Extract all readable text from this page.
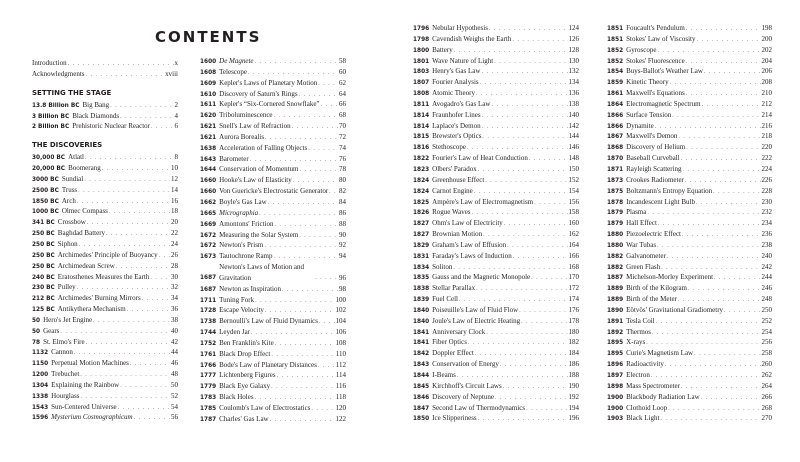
CONTENTS
Introduction . . .	x
Acknowledgments . . .	xviii
SETTING THE STAGE
13.8 Billion BC Big Bang . . .	2
3 Billion BC Black Diamonds . . .	4
2 Billion BC Prehistoric Nuclear Reactor . . .	6
THE DISCOVERIES
30,000 BC Atlatl . . .	8
20,000 BC Boomerang . . .	10
3000 BC Sundial . . .	12
2500 BC Truss . . .	14
1850 BC Arch . . .	16
1000 BC Olmec Compass . . .	18
341 BC Crossbow . . .	20
250 BC Baghdad Battery . . .	22
250 BC Siphon . . .	24
250 BC Archimedes' Principle of Buoyancy . . . 26
250 BC Archimedean Screw . . .	28
240 BC Eratosthenes Measures the Earth . . .	30
230 BC Pulley . . .	32
212 BC Archimedes' Burning Mirrors . . .	34
125 BC Antikythera Mechanism . . .	36
50 Hero's Jet Engine . . .	38
50 Gears . . .	40
78 St. Elmo's Fire . . .	42
1132 Cannon . . .	44
1150 Perpetual Motion Machines . . .	46
1200 Trebuchet . . .	48
1304 Explaining the Rainbow . . .	50
1338 Hourglass . . .	52
1543 Sun-Centered Universe . . .	54
1596 Mysterium Cosmographicum . . .	56
1600 De Magnete . . .	58
1608 Telescope . . .	60
1609 Kepler's Laws of Planetary Motion . . .	62
1610 Discovery of Saturn's Rings . . .	64
1611 Kepler's “Six-Cornered Snowflake” . . .	66
1620 Triboluminescence . . .	68
1621 Snell's Law of Refraction . . .	70
1621 Aurora Borealis . . .	72
1638 Acceleration of Falling Objects . . .	74
1643 Barometer . . .	76
1644 Conservation of Momentum . . .	78
1660 Hooke's Law of Elasticity . . .	80
1660 Von Guericke's Electrostatic Generator . . . 82
1662 Boyle's Gas Law . . .	84
1665 Micrographia . . .	86
1669 Amontons' Friction . . .	88
1672 Measuring the Solar System . . .	90
1672 Newton's Prism . . .	92
1673 Tautochrone Ramp . . .	94
1687
Newton's Laws of Motion and Gravitation . . .	96
1687 Newton as Inspiration . . .	98
1711 Tuning Fork . . .	100
1728 Escape Velocity . . .	102
1738 Bernoulli's Law of Fluid Dynamics . . . 104
1744 Leyden Jar . . .	106
1752 Ben Franklin's Kite . . .	108
1761 Black Drop Effect . . .	110
1766 Bode's Law of Planetary Distances . . .	112
1777 Lichtenberg Figures . . .	114
1779 Black Eye Galaxy . . .	116
1783 Black Holes . . .	118
1785 Coulomb's Law of Electrostatics . . .	120
1787 Charles' Gas Law . . .	122
1796 Nebular Hypothesis . . .	124
1798 Cavendish Weighs the Earth . . .	126
1800 Battery . . .	128
1801 Wave Nature of Light . . .	130
1803 Henry's Gas Law . . .	132
1807 Fourier Analysis . . .	134
1808 Atomic Theory . . .	136
1811 Avogadro's Gas Law . . .	138
1814 Fraunhofer Lines . . .	140
1814 Laplace's Demon . . .	142
1815 Brewster's Optics . . .	144
1816 Stethoscope . . .	146
1822 Fourier's Law of Heat Conduction . . .	148
1823 Olbers' Paradox . . .	150
1824 Greenhouse Effect . . .	152
1824 Carnot Engine . . .	154
1825 Ampère's Law of Electromagnetism . . .	156
1826 Rogue Waves . . .	158
1827 Ohm's Law of Electricity . . .	160
1827 Brownian Motion . . .	162
1829 Graham's Law of Effusion . . .	164
1831 Faraday's Laws of Induction . . .	166
1834 Soliton . . .	168
1835 Gauss and the Magnetic Monopole . . .	170
1838 Stellar Parallax . . .	172
1839 Fuel Cell . . .	174
1840 Poiseuille's Law of Fluid Flow . . .	176
1840 Joule's Law of Electric Heating . . .	178
1841 Anniversary Clock . . .	180
1841 Fiber Optics . . .	182
1842 Doppler Effect . . .	184
1843 Conservation of Energy . . .	186
1844 I-Beams . . .	188
1845 Kirchhoff's Circuit Laws . . .	190
1846 Discovery of Neptune . . .	192
1847 Second Law of Thermodynamics . . .	194
1850 Ice Slipperiness . . .	196
1851 Foucault's Pendulum . . .	198
1851 Stokes' Law of Viscosity . . .	200
1852 Gyroscope . . .	202
1852 Stokes' Fluorescence . . .	204
1854 Buys-Ballot's Weather Law . . .	206
1859 Kinetic Theory . . .	208
1861 Maxwell's Equations . . .	210
1864 Electromagnetic Spectrum . . .	212
1866 Surface Tension . . .	214
1866 Dynamite . . .	216
1867 Maxwell's Demon . . .	218
1868 Discovery of Helium . . .	220
1870 Baseball Curveball . . .	222
1871 Rayleigh Scattering . . .	224
1873 Crookes Radiometer . . .	226
1875 Boltzmann's Entropy Equation . . .	228
1878 Incandescent Light Bulb . . .	230
1879 Plasma . . .	232
1879 Hall Effect . . .	234
1880 Piezoelectric Effect . . .	236
1880 War Tubas . . .	238
1882 Galvanometer . . .	240
1882 Green Flash . . .	242
1887 Michelson-Morley Experiment . . .	244
1889 Birth of the Kilogram . . .	246
1889 Birth of the Meter . . .	248
1890 Eötvös' Gravitational Gradiometry . . .	250
1891 Tesla Coil . . .	252
1892 Thermos . . .	254
1895 X-rays . . .	256
1895 Curie's Magnetism Law . . .	258
1896 Radioactivity . . .	260
1897 Electron . . .	262
1898 Mass Spectrometer . . .	264
1900 Blackbody Radiation Law . . .	266
1900 Clothoid Loop . . .	268
1903 Black Light . . .	270
